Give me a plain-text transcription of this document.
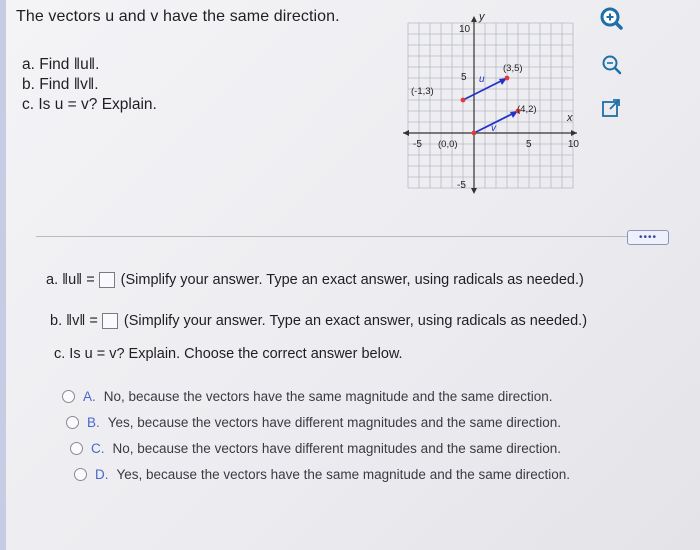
The vectors u and v have the same direction.
a. Find ‖u‖.
b. Find ‖v‖.
c. Is u = v? Explain.
y
x
10
5
-5
-5	5	10
u
v
(-1,3)
(3,5)
(4,2)
(0,0)
••••
a. ‖u‖ = (Simplify your answer. Type an exact answer, using radicals as needed.)
b. ‖v‖ = (Simplify your answer. Type an exact answer, using radicals as needed.)
c. Is u = v? Explain. Choose the correct answer below.
A. No, because the vectors have the same magnitude and the same direction.
B. Yes, because the vectors have different magnitudes and the same direction.
C. No, because the vectors have different magnitudes and the same direction.
D. Yes, because the vectors have the same magnitude and the same direction.
